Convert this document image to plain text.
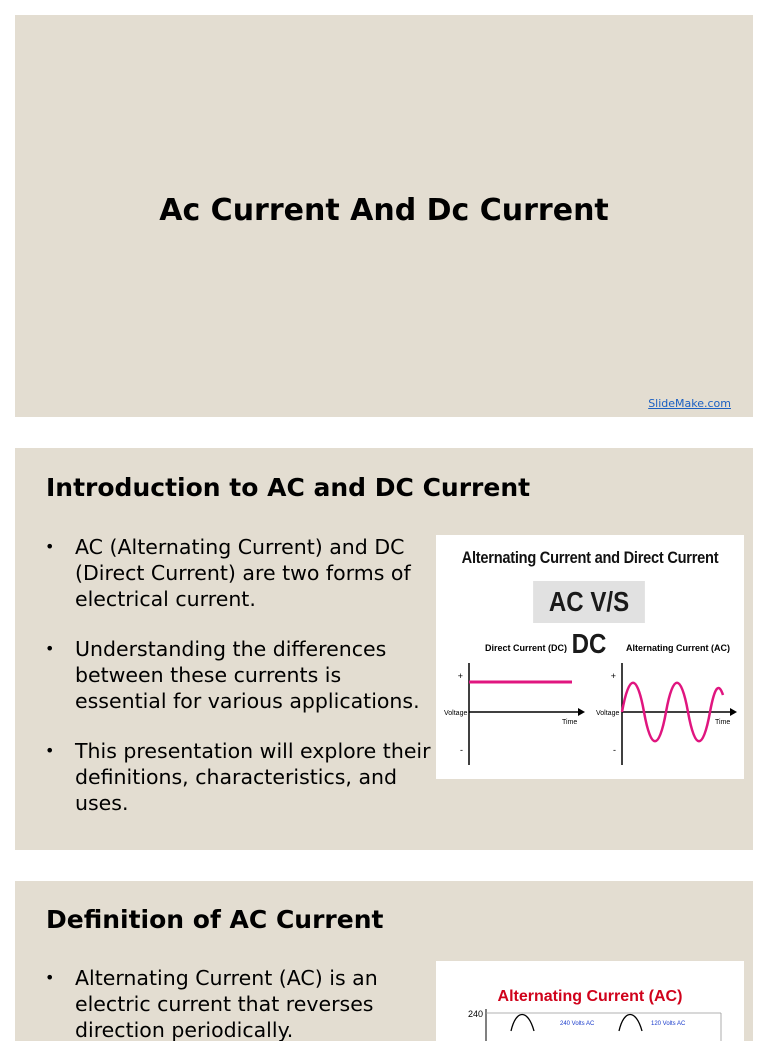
Ac Current And Dc Current
SlideMake.com
Introduction to AC and DC Current
• AC (Alternating Current) and DC (Direct Current) are two forms of electrical current.
• Understanding the differences between these currents is essential for various applications.
• This presentation will explore their definitions, characteristics, and uses.
Alternating Current and Direct Current
AC V/S DC
Direct Current (DC)
+
-
Voltage
Time
Alternating Current (AC)
+
-
Voltage
Time
Definition of AC Current
• Alternating Current (AC) is an electric current that reverses direction periodically.
Alternating Current (AC)
240
240 Volts AC	120 Volts AC
